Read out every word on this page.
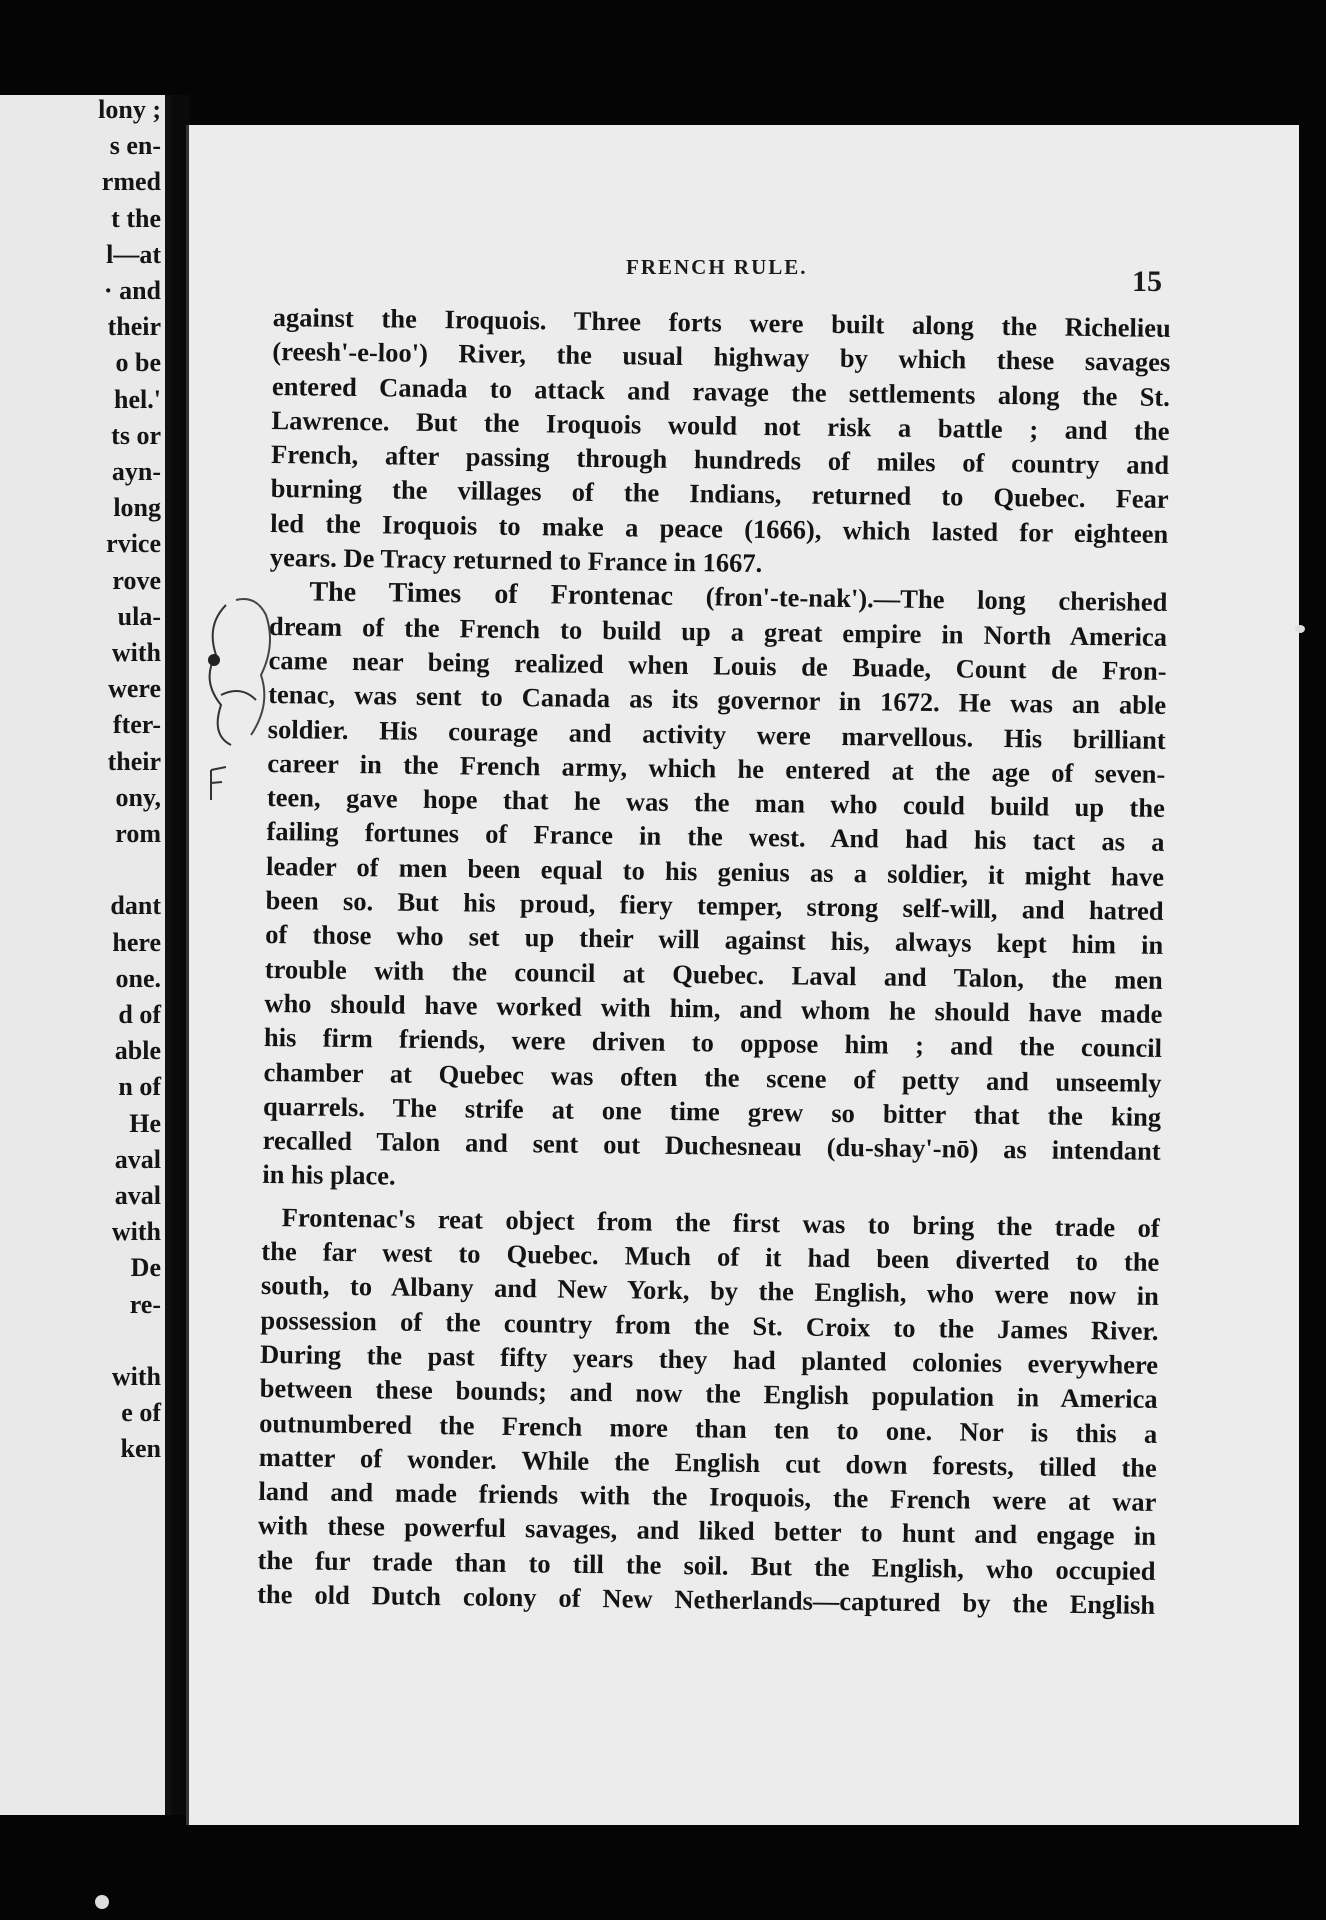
lony ;
s en-
rmed
t the
l—at
· and
their
o be
hel.'
ts or
ayn-
long
rvice
rove
ula-
with
were
fter-
their
ony,
rom
dant
here
one.
d of
able
n of
He
aval
aval
with
De
re-
with
e of
ken
FRENCH RULE.	15
against the Iroquois. Three forts were built along the Richelieu
(reesh'-e-loo') River, the usual highway by which these savages
entered Canada to attack and ravage the settlements along the St.
Lawrence. But the Iroquois would not risk a battle ; and the
French, after passing through hundreds of miles of country and
burning the villages of the Indians, returned to Quebec. Fear
led the Iroquois to make a peace (1666), which lasted for eighteen
years. De Tracy returned to France in 1667.
The Times of Frontenac (fron'-te-nak').—The long cherished
dream of the French to build up a great empire in North America
came near being realized when Louis de Buade, Count de Fron-
tenac, was sent to Canada as its governor in 1672. He was an able
soldier. His courage and activity were marvellous. His brilliant
career in the French army, which he entered at the age of seven-
teen, gave hope that he was the man who could build up the
failing fortunes of France in the west. And had his tact as a
leader of men been equal to his genius as a soldier, it might have
been so. But his proud, fiery temper, strong self-will, and hatred
of those who set up their will against his, always kept him in
trouble with the council at Quebec. Laval and Talon, the men
who should have worked with him, and whom he should have made
his firm friends, were driven to oppose him ; and the council
chamber at Quebec was often the scene of petty and unseemly
quarrels. The strife at one time grew so bitter that the king
recalled Talon and sent out Duchesneau (du-shay'-nō) as intendant
in his place.
Frontenac's reat object from the first was to bring the trade of
the far west to Quebec. Much of it had been diverted to the
south, to Albany and New York, by the English, who were now in
possession of the country from the St. Croix to the James River.
During the past fifty years they had planted colonies everywhere
between these bounds; and now the English population in America
outnumbered the French more than ten to one. Nor is this a
matter of wonder. While the English cut down forests, tilled the
land and made friends with the Iroquois, the French were at war
with these powerful savages, and liked better to hunt and engage in
the fur trade than to till the soil. But the English, who occupied
the old Dutch colony of New Netherlands—captured by the English
